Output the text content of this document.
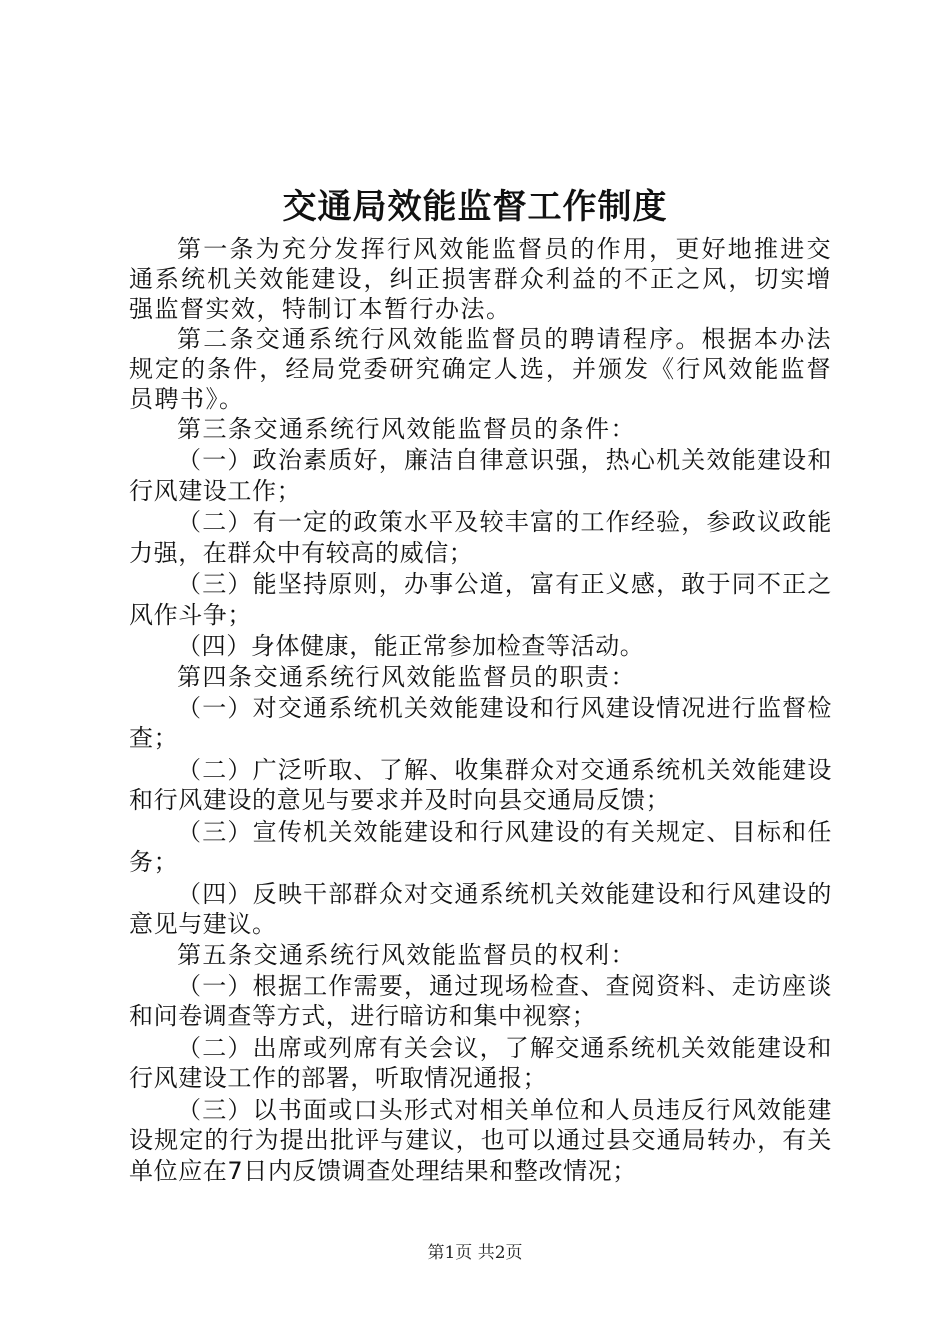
交通局效能监督工作制度

第一条为充分发挥行风效能监督员的作用，更好地推进交通系统机关效能建设，纠正损害群众利益的不正之风，切实增强监督实效，特制订本暂行办法。

第二条交通系统行风效能监督员的聘请程序。根据本办法规定的条件，经局党委研究确定人选，并颁发《行风效能监督员聘书》。

第三条交通系统行风效能监督员的条件：

（一）政治素质好，廉洁自律意识强，热心机关效能建设和行风建设工作；

（二）有一定的政策水平及较丰富的工作经验，参政议政能力强，在群众中有较高的威信；

（三）能坚持原则，办事公道，富有正义感，敢于同不正之风作斗争；

（四）身体健康，能正常参加检查等活动。

第四条交通系统行风效能监督员的职责：

（一）对交通系统机关效能建设和行风建设情况进行监督检查；

（二）广泛听取、了解、收集群众对交通系统机关效能建设和行风建设的意见与要求并及时向县交通局反馈；

（三）宣传机关效能建设和行风建设的有关规定、目标和任务；

（四）反映干部群众对交通系统机关效能建设和行风建设的意见与建议。

第五条交通系统行风效能监督员的权利：

（一）根据工作需要，通过现场检查、查阅资料、走访座谈和问卷调查等方式，进行暗访和集中视察；

（二）出席或列席有关会议，了解交通系统机关效能建设和行风建设工作的部署，听取情况通报；

（三）以书面或口头形式对相关单位和人员违反行风效能建设规定的行为提出批评与建议，也可以通过县交通局转办，有关单位应在7日内反馈调查处理结果和整改情况；

第1页 共2页
